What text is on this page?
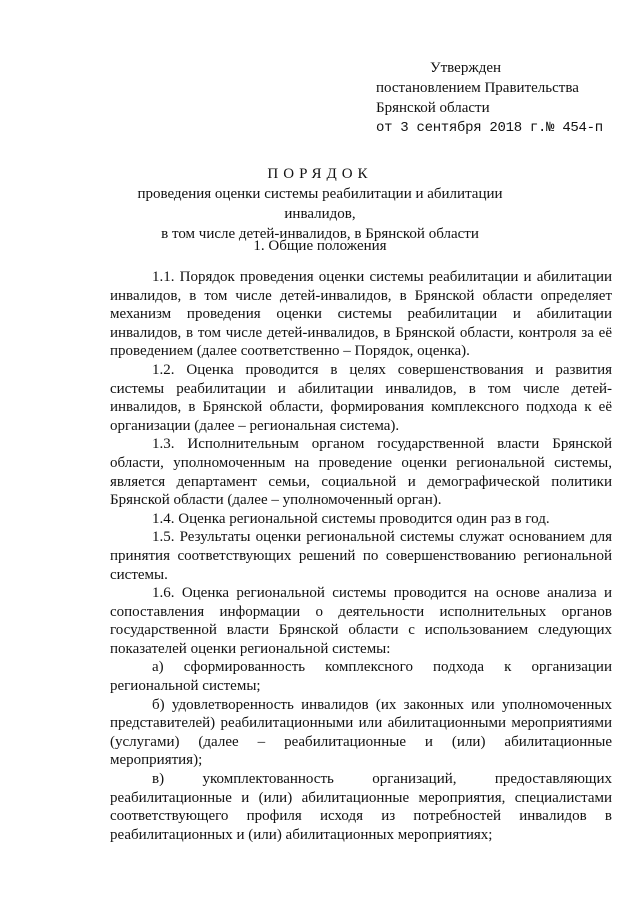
Утвержден
постановлением Правительства
Брянской области
от 3 сентября 2018 г.№ 454-п
ПОРЯДОК
проведения оценки системы реабилитации и абилитации инвалидов,
в том числе детей-инвалидов, в Брянской области
1. Общие положения

1.1. Порядок проведения оценки системы реабилитации и абилитации инвалидов, в том числе детей-инвалидов, в Брянской области определяет механизм проведения оценки системы реабилитации и абилитации инвалидов, в том числе детей-инвалидов, в Брянской области, контроля за её проведением (далее соответственно – Порядок, оценка).

1.2. Оценка проводится в целях совершенствования и развития системы реабилитации и абилитации инвалидов, в том числе детей-инвалидов, в Брянской области, формирования комплексного подхода к её организации (далее – региональная система).

1.3. Исполнительным органом государственной власти Брянской области, уполномоченным на проведение оценки региональной системы, является департамент семьи, социальной и демографической политики Брянской области (далее – уполномоченный орган).

1.4. Оценка региональной системы проводится один раз в год.

1.5. Результаты оценки региональной системы служат основанием для принятия соответствующих решений по совершенствованию региональной системы.

1.6. Оценка региональной системы проводится на основе анализа и сопоставления информации о деятельности исполнительных органов государственной власти Брянской области с использованием следующих показателей оценки региональной системы:

а) сформированность комплексного подхода к организации региональной системы;

б) удовлетворенность инвалидов (их законных или уполномоченных представителей) реабилитационными или абилитационными мероприятиями (услугами) (далее – реабилитационные и (или) абилитационные мероприятия);

в) укомплектованность организаций, предоставляющих реабилитационные и (или) абилитационные мероприятия, специалистами соответствующего профиля исходя из потребностей инвалидов в реабилитационных и (или) абилитационных мероприятиях;
